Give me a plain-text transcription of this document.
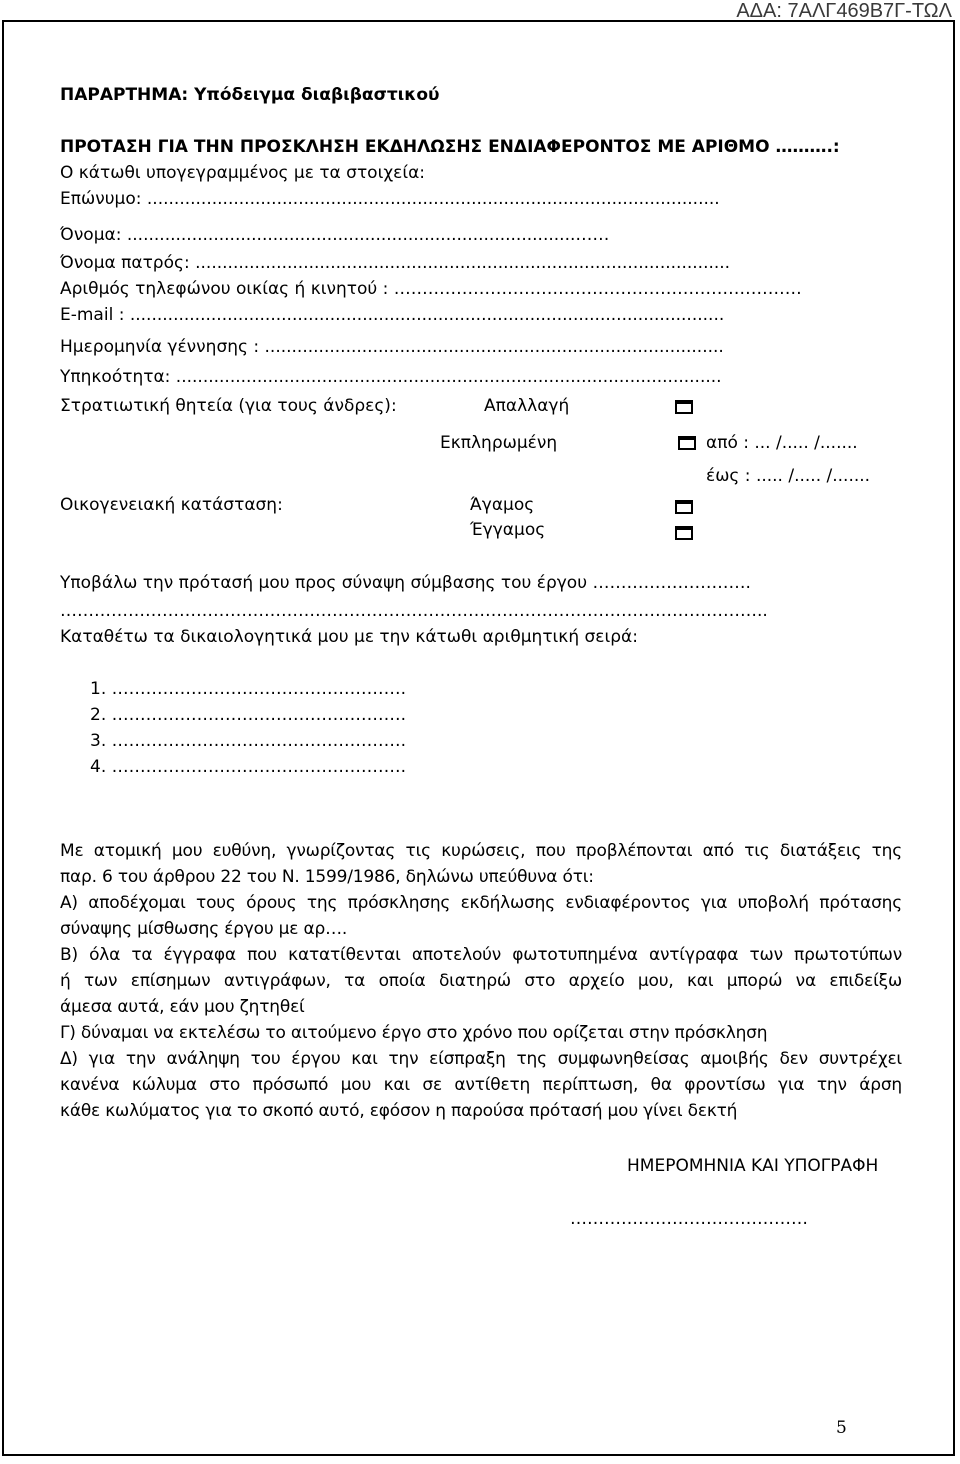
ΑΔΑ: 7ΑΛΓ469Β7Γ-ΤΩΛ
ΠΑΡΑΡΤΗΜΑ: Υπόδειγμα διαβιβαστικού
ΠΡΟΤΑΣΗ ΓΙΑ ΤΗΝ ΠΡΟΣΚΛΗΣΗ ΕΚΔΗΛΩΣΗΣ ΕΝΔΙΑΦΕΡΟΝΤΟΣ ΜΕ ΑΡΙΘΜΟ ……….:
Ο κάτωθι υπογεγραμμένος με τα στοιχεία:
Επώνυμο: ..........................................................................................................
Όνομα: ...................................................................................……
Όνομα πατρός: ...................................................................................................
Αριθμός τηλεφώνου οικίας ή κινητού : ………………………………………………………………
E-mail : ..............................................................................................................
Ημερομηνία γέννησης : .....................................................................................
Υπηκοότητα: .....................................................................................................
Στρατιωτική θητεία (για τους άνδρες):	Απαλλαγή
Εκπληρωμένη	από : ... /..... /.......
έως : ..... /..... /.......
Οικογενειακή κατάσταση:	Άγαμος
Έγγαμος
Υποβάλω την πρότασή μου προς σύναψη σύμβασης του έργου ……………………….
……………………………………………………………………………………………………………..
Καταθέτω τα δικαιολογητικά μου με την κάτωθι αριθμητική σειρά:
1. …………………………………………….
2. …………………………………………….
3. …………………………………………….
4. …………………………………………….

Με ατομική μου ευθύνη, γνωρίζοντας τις κυρώσεις, που προβλέπονται από τις διατάξεις της

παρ. 6 του άρθρου 22 του Ν. 1599/1986, δηλώνω υπεύθυνα ότι:

Α) αποδέχομαι τους όρους της πρόσκλησης εκδήλωσης ενδιαφέροντος για υποβολή πρότασης

σύναψης μίσθωσης έργου με αρ….

Β) όλα τα έγγραφα που κατατίθενται αποτελούν φωτοτυπημένα αντίγραφα των πρωτοτύπων

ή των επίσημων αντιγράφων, τα οποία διατηρώ στο αρχείο μου, και μπορώ να επιδείξω

άμεσα αυτά, εάν μου ζητηθεί

Γ) δύναμαι να εκτελέσω το αιτούμενο έργο στο χρόνο που ορίζεται στην πρόσκληση

Δ) για την ανάληψη του έργου και την είσπραξη της συμφωνηθείσας αμοιβής δεν συντρέχει

κανένα κώλυμα στο πρόσωπό μου και σε αντίθετη περίπτωση, θα φροντίσω για την άρση

κάθε κωλύματος για το σκοπό αυτό, εφόσον η παρούσα πρότασή μου γίνει δεκτή

ΗΜΕΡΟΜΗΝΙΑ ΚΑΙ ΥΠΟΓΡΑΦΗ
……………………………………
5
